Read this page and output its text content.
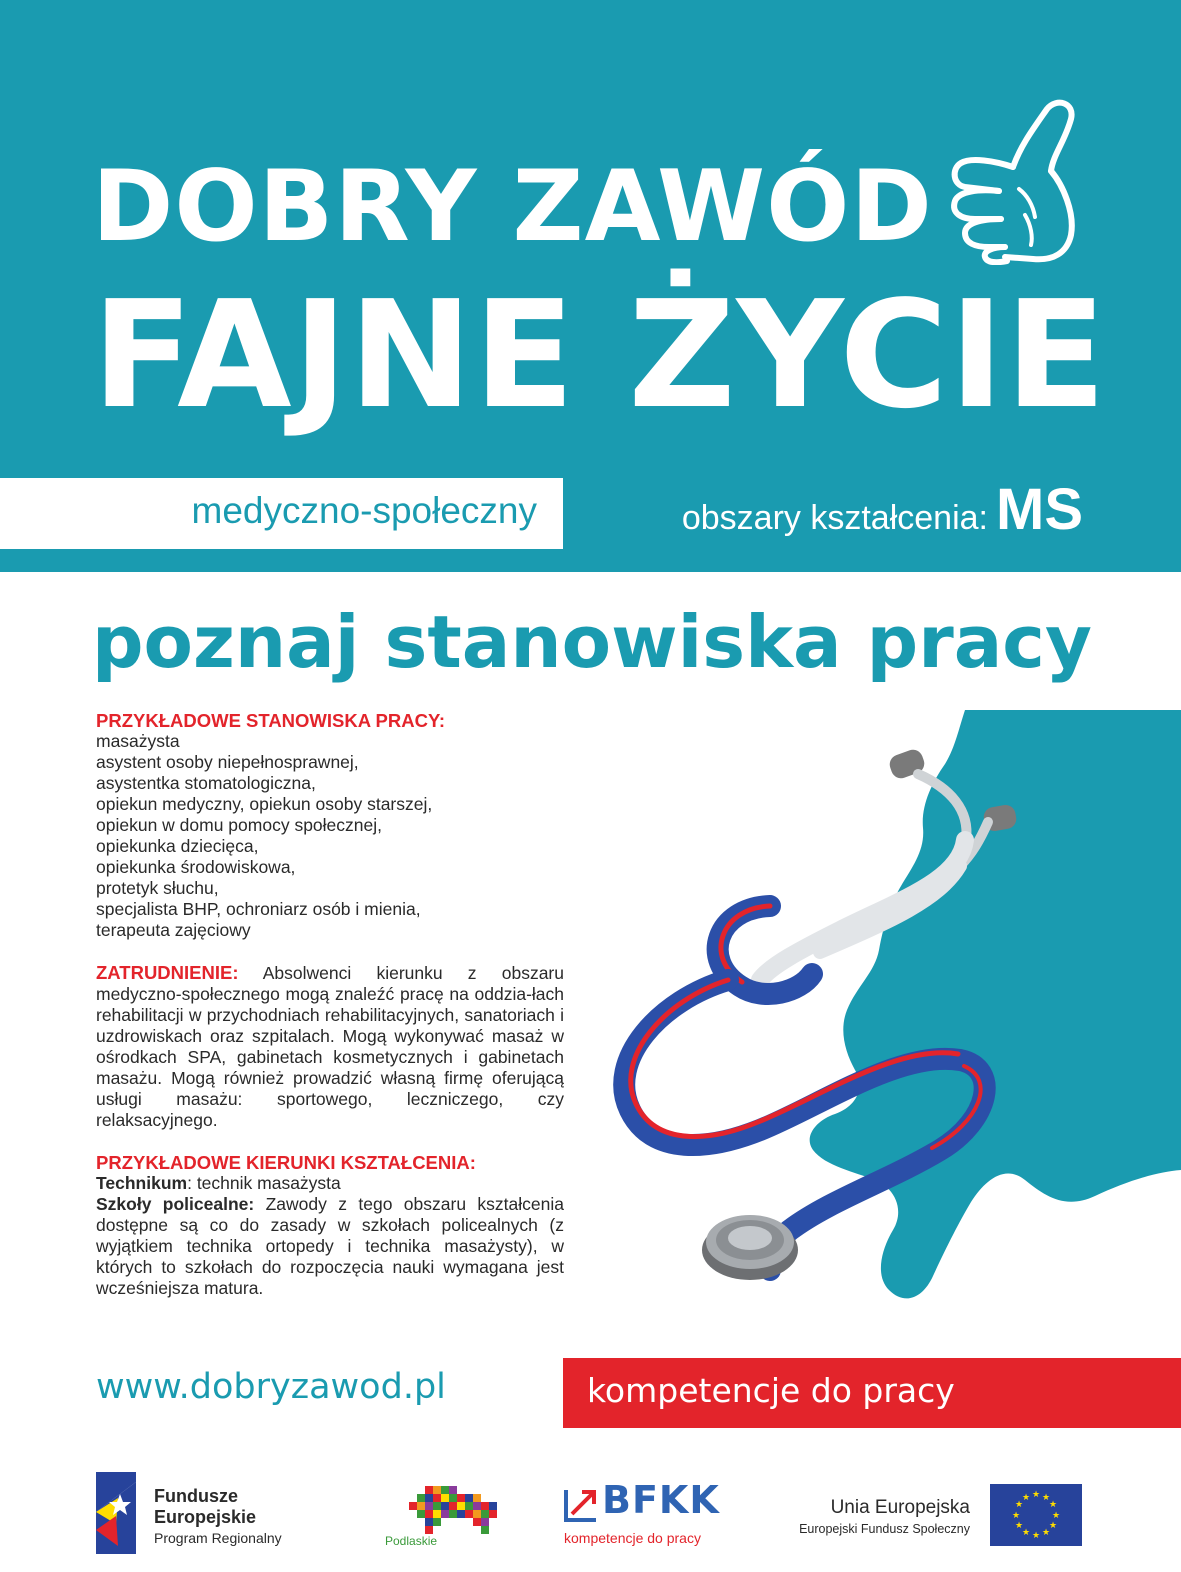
DOBRY ZAWÓD
FAJNE ŻYCIE
medyczno-społeczny	obszary kształcenia: MS
poznaj stanowiska pracy
PRZYKŁADOWE STANOWISKA PRACY:
masażysta
asystent osoby niepełnosprawnej,
asystentka stomatologiczna,
opiekun medyczny, opiekun osoby starszej,
opiekun w domu pomocy społecznej,
opiekunka dziecięca,
opiekunka środowiskowa,
protetyk słuchu,
specjalista BHP, ochroniarz osób i mienia,
terapeuta zajęciowy

ZATRUDNIENIE: Absolwenci kierunku z obszaru medyczno-społecznego mogą znaleźć pracę na oddzia-łach rehabilitacji w przychodniach rehabilitacyjnych, sanatoriach i uzdrowiskach oraz szpitalach. Mogą wykonywać masaż w ośrodkach SPA, gabinetach kosmetycznych i gabinetach masażu. Mogą również prowadzić własną firmę oferującą usługi masażu: sportowego, leczniczego, czy relaksacyjnego.

PRZYKŁADOWE KIERUNKI KSZTAŁCENIA:

Technikum: technik masażysta

Szkoły policealne: Zawody z tego obszaru kształcenia dostępne są co do zasady w szkołach policealnych (z wyjątkiem technika ortopedy i technika masażysty), w których to szkołach do rozpoczęcia nauki wymagana jest wcześniejsza matura.

www.dobryzawod.pl	kompetencje do pracy
Fundusze
Europejskie
Program Regionalny	Podlaskie
BFKK
kompetencje do pracy
Unia Europejska
Europejski Fundusz Społeczny
★ ★
★
★
★
★
★
★
★
★
★
★
